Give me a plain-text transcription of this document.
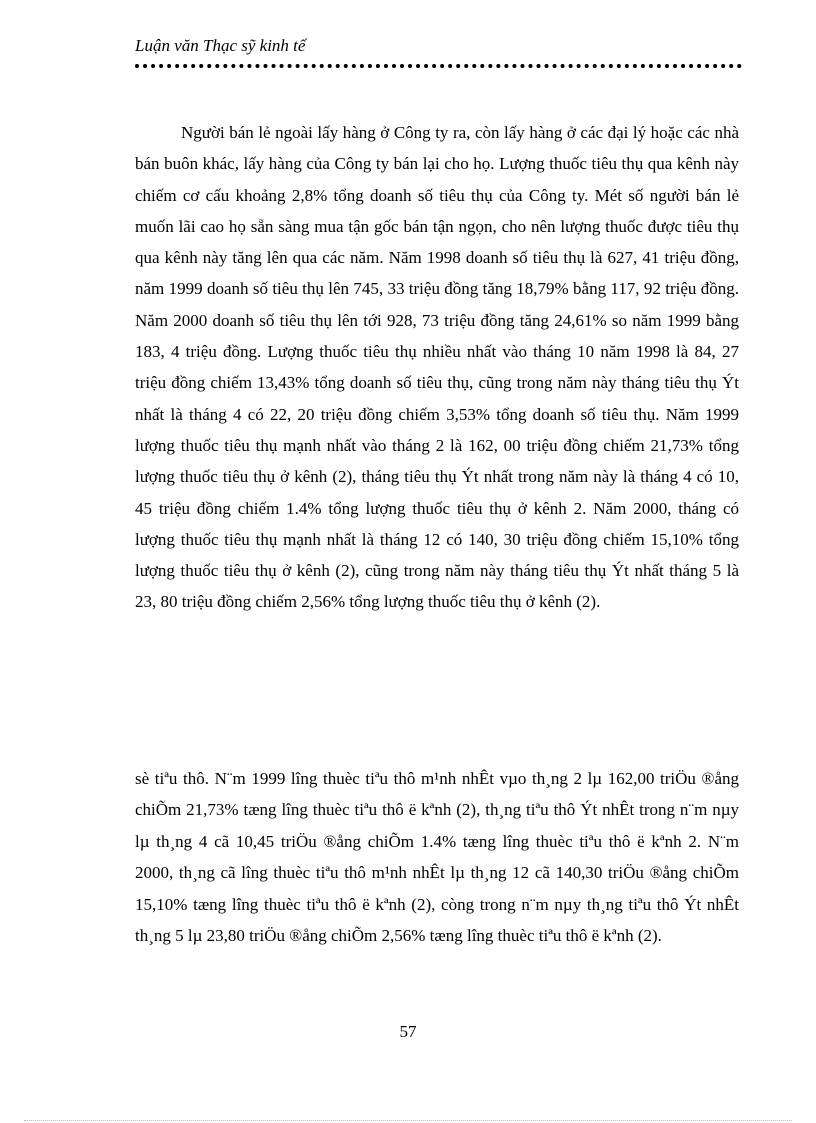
Luận văn Thạc sỹ kinh tế

Người bán lẻ ngoài lấy hàng ở Công ty ra, còn lấy hàng ở các đại lý hoặc các nhà bán buôn khác, lấy hàng của Công ty bán lại cho họ. Lượng thuốc tiêu thụ qua kênh này chiếm cơ cấu khoảng 2,8% tổng doanh số tiêu thụ của Công ty. Mét số người bán lẻ muốn lãi cao họ sẵn sàng mua tận gốc bán tận ngọn, cho nên lượng thuốc được tiêu thụ qua kênh này tăng lên qua các năm. Năm 1998 doanh số tiêu thụ là 627, 41 triệu đồng, năm 1999 doanh số tiêu thụ lên 745, 33 triệu đồng tăng 18,79% bằng 117, 92 triệu đồng. Năm 2000 doanh số tiêu thụ lên tới 928, 73 triệu đồng tăng 24,61% so năm 1999 bằng 183, 4 triệu đồng. Lượng thuốc tiêu thụ nhiều nhất vào tháng 10 năm 1998 là 84, 27 triệu đồng chiếm 13,43% tổng doanh số tiêu thụ, cũng trong năm này tháng tiêu thụ Ýt nhất là tháng 4 có 22, 20 triệu đồng chiếm 3,53% tổng doanh số tiêu thụ. Năm 1999 lượng thuốc tiêu thụ mạnh nhất vào tháng 2 là 162, 00 triệu đồng chiếm 21,73% tổng lượng thuốc tiêu thụ ở kênh (2), tháng tiêu thụ Ýt nhất trong năm này là tháng 4 có 10, 45 triệu đồng chiếm 1.4% tổng lượng thuốc tiêu thụ ở kênh 2. Năm 2000, tháng có lượng thuốc tiêu thụ mạnh nhất là tháng 12 có 140, 30 triệu đồng chiếm 15,10% tổng lượng thuốc tiêu thụ ở kênh (2), cũng trong năm này tháng tiêu thụ Ýt nhất tháng 5 là 23, 80 triệu đồng chiếm 2,56% tổng lượng thuốc tiêu thụ ở kênh (2).

sè tiªu thô. N¨m 1999 lîng thuèc tiªu thô m¹nh nhÊt vµo th¸ng 2 lµ 162,00 triÖu ®ång chiÕm 21,73% tæng lîng thuèc tiªu thô ë kªnh (2), th¸ng tiªu thô Ýt nhÊt trong n¨m nµy lµ th¸ng 4 cã 10,45 triÖu ®ång chiÕm 1.4% tæng lîng thuèc tiªu thô ë kªnh 2. N¨m 2000, th¸ng cã lîng thuèc tiªu thô m¹nh nhÊt lµ th¸ng 12 cã 140,30 triÖu ®ång chiÕm 15,10% tæng lîng thuèc tiªu thô ë kªnh (2), còng trong n¨m nµy th¸ng tiªu thô Ýt nhÊt th¸ng 5 lµ 23,80 triÖu ®ång chiÕm 2,56% tæng lîng thuèc tiªu thô ë kªnh (2).

57
